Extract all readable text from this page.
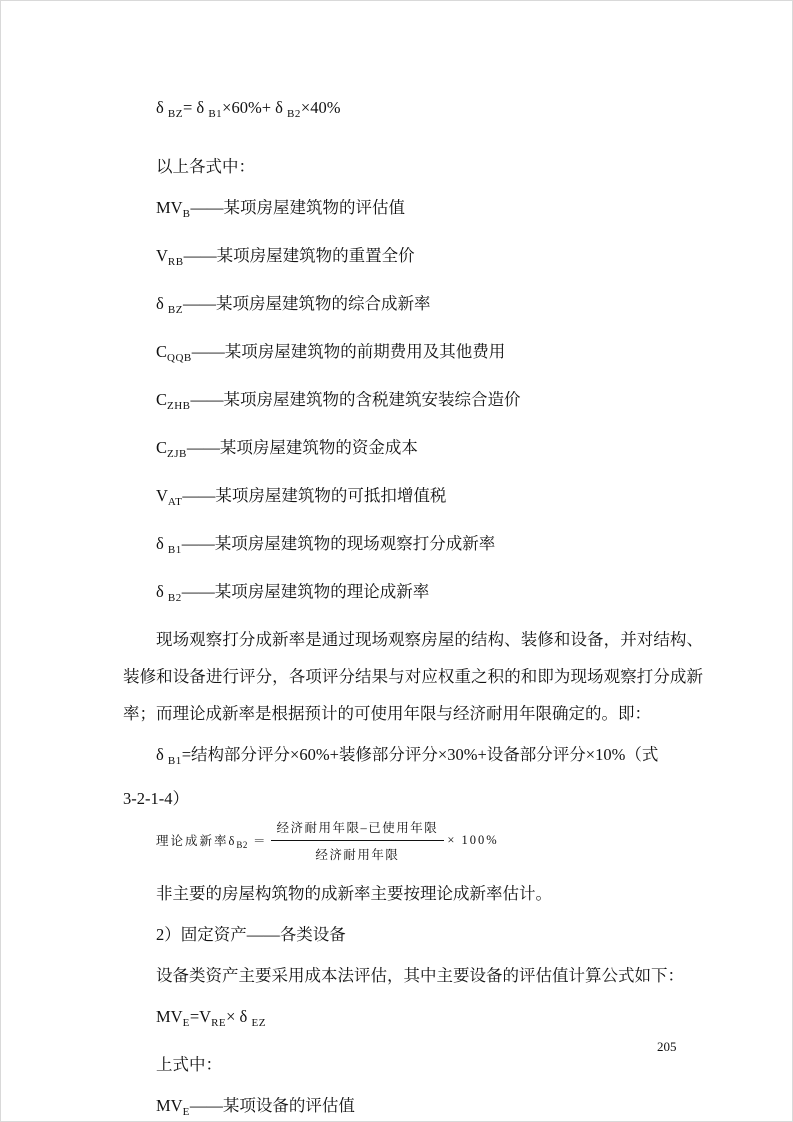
δ $_{BZ}$= δ $_{B1}$×60%+ δ $_{B2}$×40%
以上各式中：
$MV_B——$某项房屋建筑物的评估值
$V_{RB}——$某项房屋建筑物的重置全价
δ $_{BZ}$——某项房屋建筑物的综合成新率
$C_{QQB}——$某项房屋建筑物的前期费用及其他费用
$C_{ZHB}——$某项房屋建筑物的含税建筑安装综合造价
$C_{ZJB}——$某项房屋建筑物的资金成本
$V_{AT}——$某项房屋建筑物的可抵扣增值税
δ $_{B1}$——某项房屋建筑物的现场观察打分成新率
δ $_{B2}$——某项房屋建筑物的理论成新率
现场观察打分成新率是通过现场观察房屋的结构、装修和设备，并对结构、装修和设备进行评分，各项评分结果与对应权重之积的和即为现场观察打分成新率；而理论成新率是根据预计的可使用年限与经济耐用年限确定的。即：
δ $_{B1}$=结构部分评分×60%+装修部分评分×30%+设备部分评分×10%（式
3-2-1-4）
理论成新率$\delta_{B2} = \frac{\text{经济耐用年限–已使用年限}}{\text{经济耐用年限}} \times 100\%$
非主要的房屋构筑物的成新率主要按理论成新率估计。
2）固定资产——各类设备
设备类资产主要采用成本法评估，其中主要设备的评估值计算公式如下：
$MV_E=V_{RE}\times \delta$ $_{EZ}$
上式中：
$MV_E——$某项设备的评估值
205
